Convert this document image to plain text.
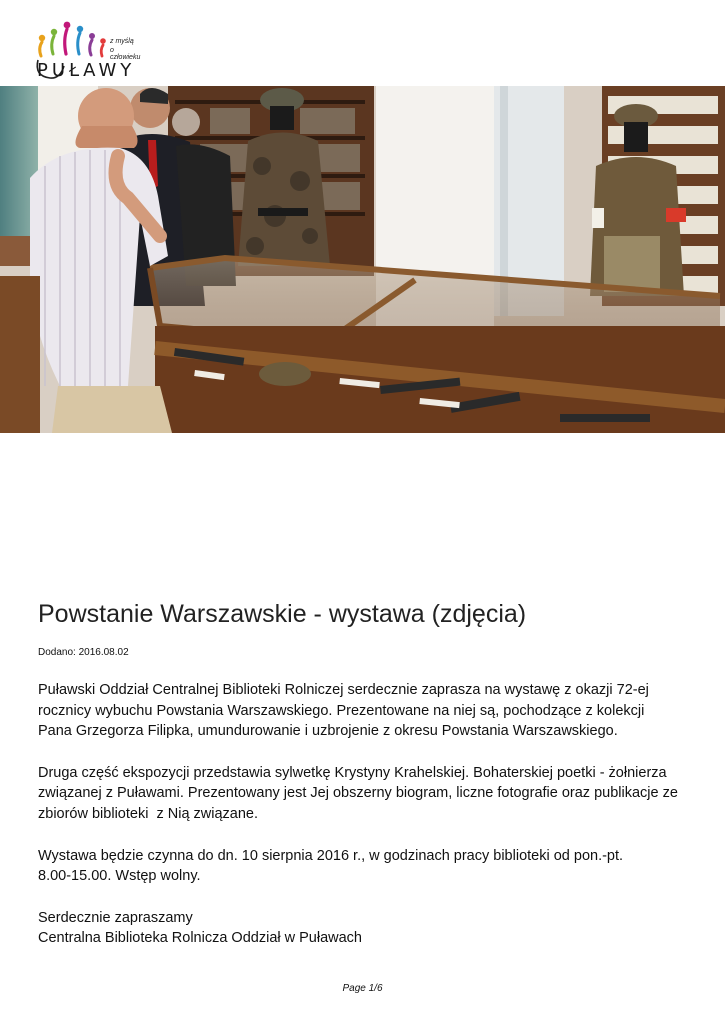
PUŁAWY
z myślą
o człowieku
Powstanie Warszawskie - wystawa (zdjęcia)
Dodano: 2016.08.02

Puławski Oddział Centralnej Biblioteki Rolniczej serdecznie zaprasza na wystawę z okazji 72-ej
rocznicy wybuchu Powstania Warszawskiego. Prezentowane na niej są, pochodzące z kolekcji
Pana Grzegorza Filipka, umundurowanie i uzbrojenie z okresu Powstania Warszawskiego.

Druga część ekspozycji przedstawia sylwetkę Krystyny Krahelskiej. Bohaterskiej poetki - żołnierza
związanej z Puławami. Prezentowany jest Jej obszerny biogram, liczne fotografie oraz publikacje ze
zbiorów biblioteki  z Nią związane.

Wystawa będzie czynna do dn. 10 sierpnia 2016 r., w godzinach pracy biblioteki od pon.-pt.
8.00-15.00. Wstęp wolny.

Serdecznie zapraszamy
Centralna Biblioteka Rolnicza Oddział w Puławach

Page 1/6
